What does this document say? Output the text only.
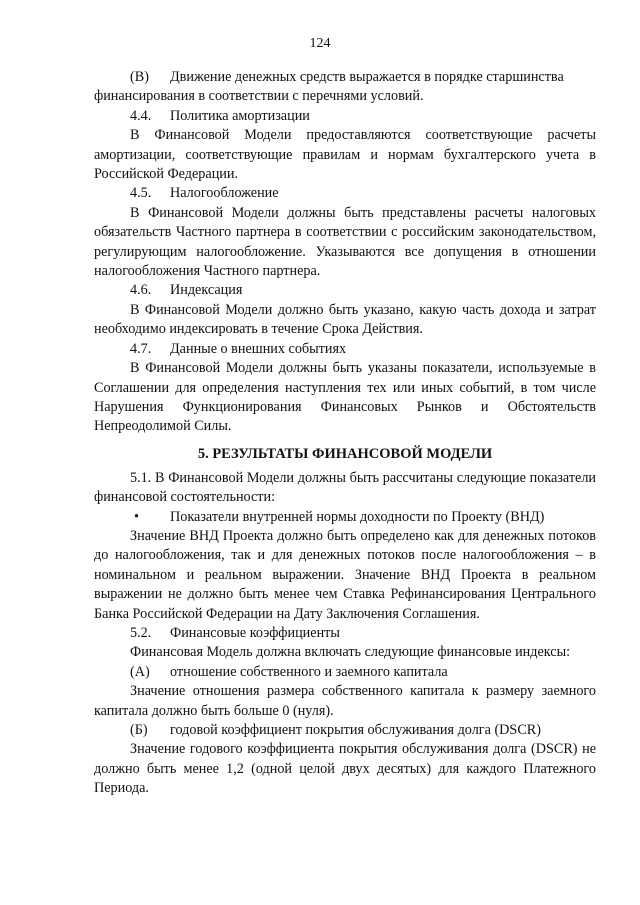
124
(В)	Движение денежных средств выражается в порядке старшинства

финансирования в соответствии с перечнями условий.

4.4.	Политика амортизации

В Финансовой Модели предоставляются соответствующие расчеты амортизации, соответствующие правилам и нормам бухгалтерского учета в Российской Федерации.

4.5.	Налогообложение

В Финансовой Модели должны быть представлены расчеты налоговых обязательств Частного партнера в соответствии с российским законодательством, регулирующим налогообложение. Указываются все допущения в отношении налогообложения Частного партнера.

4.6.	Индексация

В Финансовой Модели должно быть указано, какую часть дохода и затрат необходимо индексировать в течение Срока Действия.

4.7.	Данные о внешних событиях

В Финансовой Модели должны быть указаны показатели, используемые в Соглашении для определения наступления тех или иных событий, в том числе Нарушения Функционирования Финансовых Рынков и Обстоятельств Непреодолимой Силы.

5. РЕЗУЛЬТАТЫ ФИНАНСОВОЙ МОДЕЛИ

5.1. В Финансовой Модели должны быть рассчитаны следующие показатели финансовой состоятельности:

•	Показатели внутренней нормы доходности по Проекту (ВНД)

Значение ВНД Проекта должно быть определено как для денежных потоков до налогообложения, так и для денежных потоков после налогообложения – в номинальном и реальном выражении. Значение ВНД Проекта в реальном выражении не должно быть менее чем Ставка Рефинансирования Центрального Банка Российской Федерации на Дату Заключения Соглашения.

5.2.	Финансовые коэффициенты

Финансовая Модель должна включать следующие финансовые индексы:

(А)	отношение собственного и заемного капитала

Значение отношения размера собственного капитала к размеру заемного капитала должно быть больше 0 (нуля).

(Б)	годовой коэффициент покрытия обслуживания долга (DSCR)

Значение годового коэффициента покрытия обслуживания долга (DSCR) не должно быть менее 1,2 (одной целой двух десятых) для каждого Платежного Периода.
